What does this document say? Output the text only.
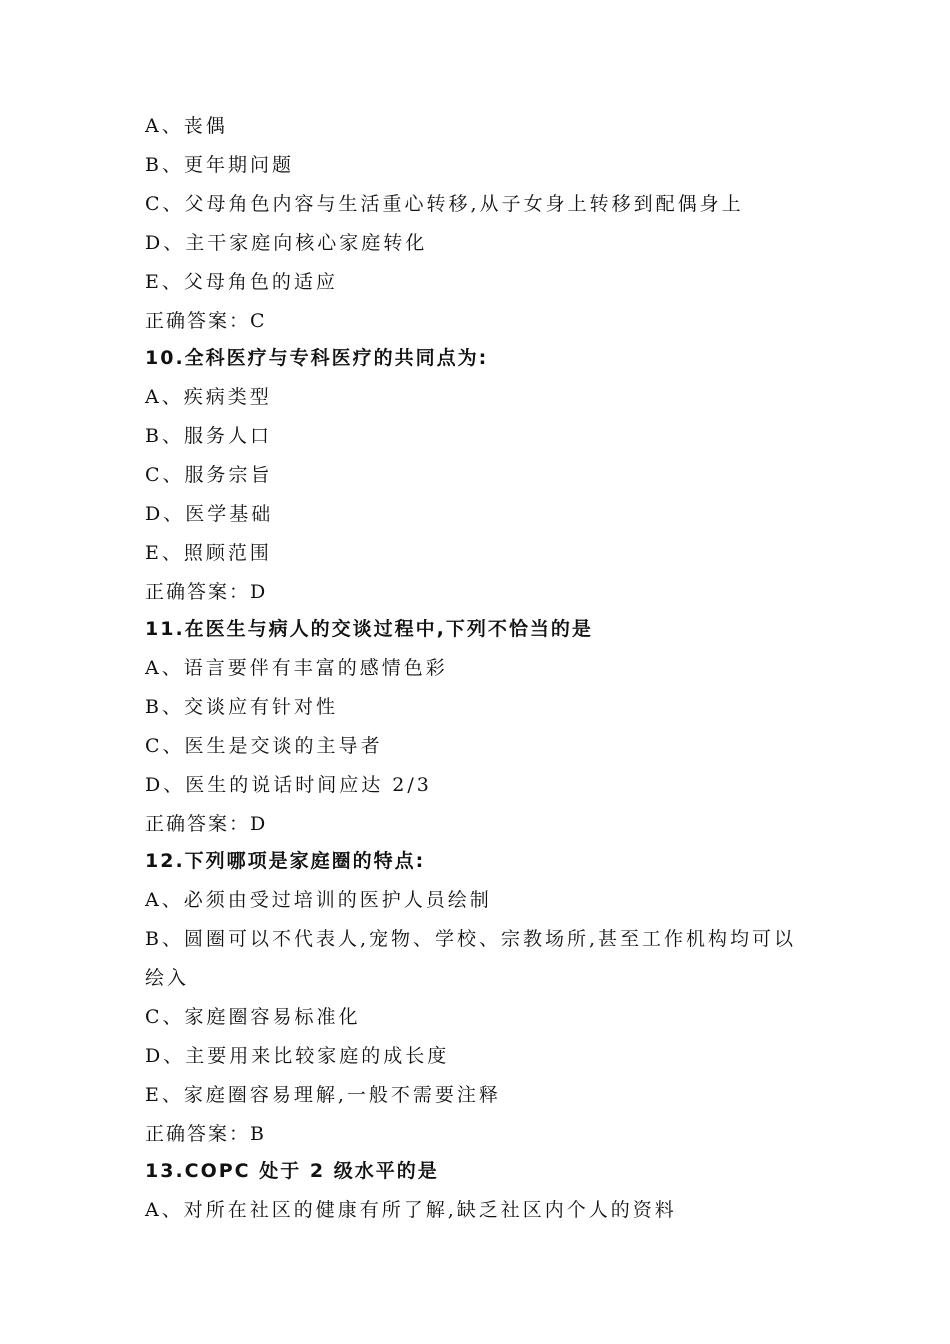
A、丧偶
B、更年期问题
C、父母角色内容与生活重心转移,从子女身上转移到配偶身上
D、主干家庭向核心家庭转化
E、父母角色的适应
正确答案：C
10.全科医疗与专科医疗的共同点为:
A、疾病类型
B、服务人口
C、服务宗旨
D、医学基础
E、照顾范围
正确答案：D
11.在医生与病人的交谈过程中,下列不恰当的是
A、语言要伴有丰富的感情色彩
B、交谈应有针对性
C、医生是交谈的主导者
D、医生的说话时间应达 2/3
正确答案：D
12.下列哪项是家庭圈的特点:
A、必须由受过培训的医护人员绘制
B、圆圈可以不代表人,宠物、学校、宗教场所,甚至工作机构均可以
绘入
C、家庭圈容易标准化
D、主要用来比较家庭的成长度
E、家庭圈容易理解,一般不需要注释
正确答案：B
13.COPC 处于 2 级水平的是
A、对所在社区的健康有所了解,缺乏社区内个人的资料
